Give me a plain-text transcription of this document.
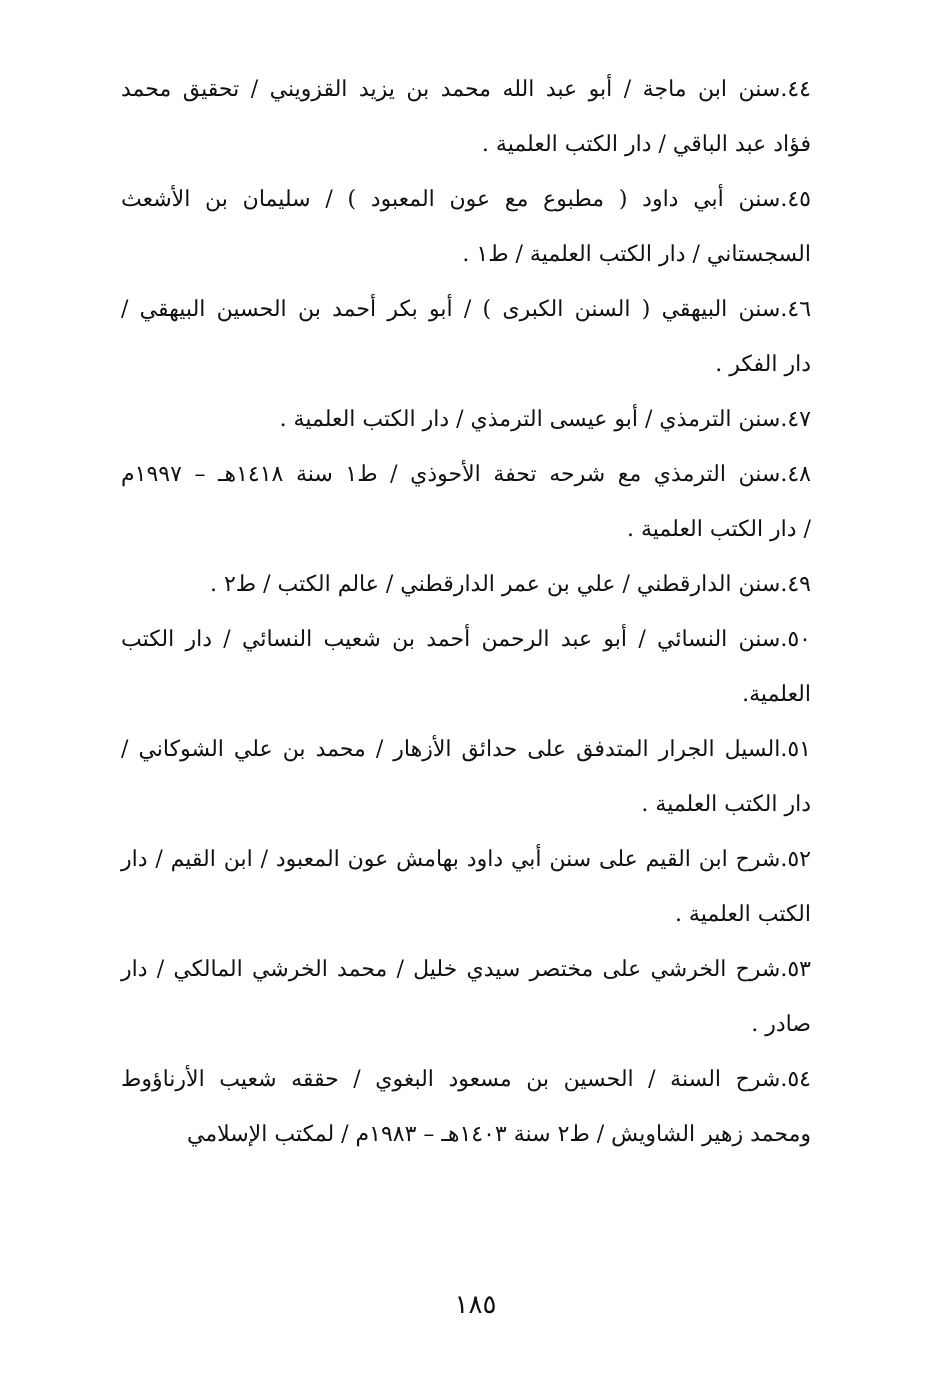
٤٤.سنن ابن ماجة / أبو عبد الله محمد بن يزيد القزويني / تحقيق محمد
فؤاد عبد الباقي / دار الكتب العلمية .
٤٥.سنن أبي داود ( مطبوع مع عون المعبود ) / سليمان بن الأشعث
السجستاني / دار الكتب العلمية / ط١ .
٤٦.سنن البيهقي ( السنن الكبرى ) / أبو بكر أحمد بن الحسين البيهقي /
دار الفكر .
٤٧.سنن الترمذي / أبو عيسى الترمذي / دار الكتب العلمية .
٤٨.سنن الترمذي مع شرحه تحفة الأحوذي / ط١ سنة ١٤١٨هـ – ١٩٩٧م
/ دار الكتب العلمية .
٤٩.سنن الدارقطني / علي بن عمر الدارقطني / عالم الكتب / ط٢ .
٥٠.سنن النسائي / أبو عبد الرحمن أحمد بن شعيب النسائي / دار الكتب
العلمية.
٥١.السيل الجرار المتدفق على حدائق الأزهار / محمد بن علي الشوكاني /
دار الكتب العلمية .
٥٢.شرح ابن القيم على سنن أبي داود بهامش عون المعبود / ابن القيم / دار
الكتب العلمية .
٥٣.شرح الخرشي على مختصر سيدي خليل / محمد الخرشي المالكي / دار
صادر .
٥٤.شرح السنة / الحسين بن مسعود البغوي / حققه شعيب الأرناؤوط
ومحمد زهير الشاويش / ط٢ سنة ١٤٠٣هـ – ١٩٨٣م / لمكتب الإسلامي
١٨٥
